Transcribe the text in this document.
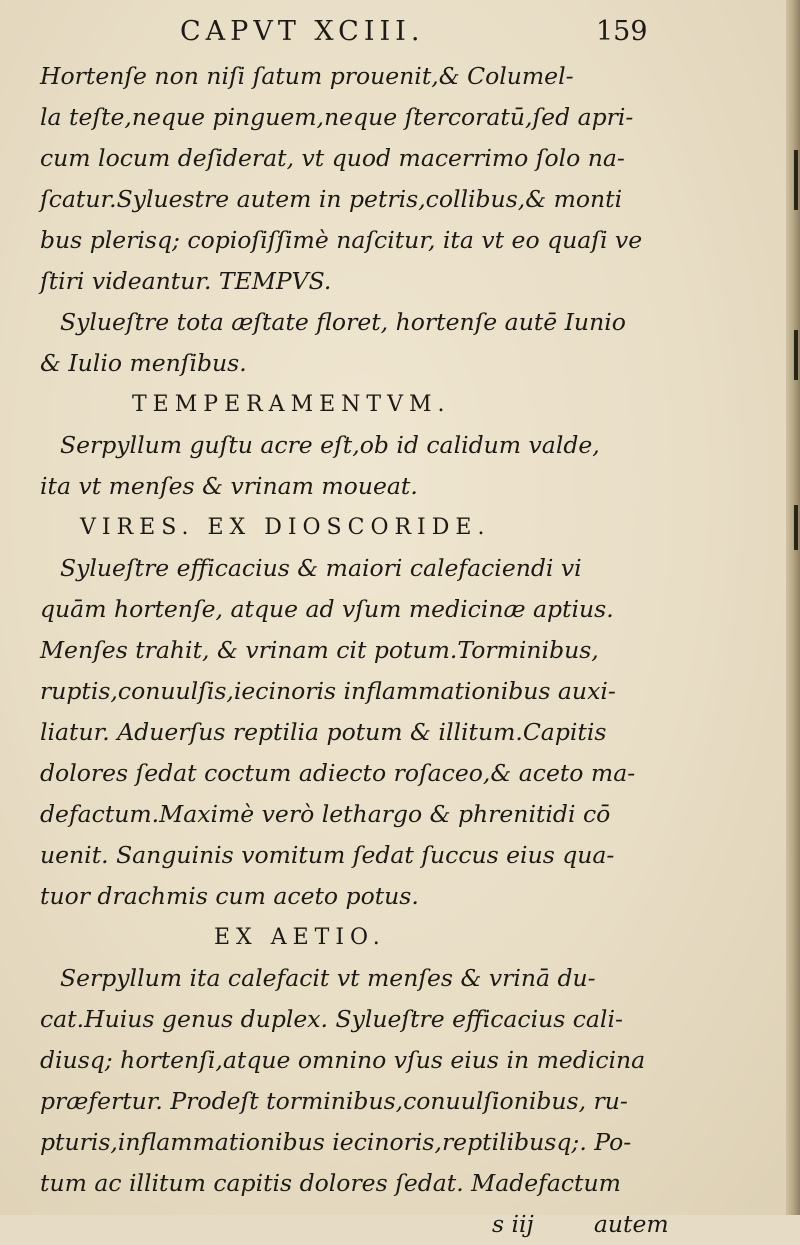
CAPVT XCIII.	159
Hortenſe non niſi ſatum prouenit,& Columel-
la teſte,neque pinguem,neque ſtercoratū,ſed apri-
cum locum deſiderat, vt quod macerrimo ſolo na-
ſcatur.Syluestre autem in petris,collibus,& monti
bus plerisq; copioſiſſimè naſcitur, ita vt eo quaſi ve
ſtiri videantur. TEMPVS.
Sylueſtre tota æſtate floret, hortenſe autē Iunio
& Iulio menſibus.
TEMPERAMENTVM.
Serpyllum guſtu acre eſt,ob id calidum valde,
ita vt menſes & vrinam moueat.
VIRES. EX DIOSCORIDE.
Sylueſtre efficacius & maiori calefaciendi vi
quām hortenſe, atque ad vſum medicinæ aptius.
Menſes trahit, & vrinam cit potum.Torminibus,
ruptis,conuulſis,iecinoris inflammationibus auxi-
liatur. Aduerſus reptilia potum & illitum.Capitis
dolores ſedat coctum adiecto roſaceo,& aceto ma-
defactum.Maximè verò lethargo & phrenitidi cō
uenit. Sanguinis vomitum ſedat ſuccus eius qua-
tuor drachmis cum aceto potus.
EX AETIO.
Serpyllum ita calefacit vt menſes & vrinā du-
cat.Huius genus duplex. Sylueſtre efficacius cali-
diusq; hortenſi,atque omnino vſus eius in medicina
præfertur. Prodeſt torminibus,conuulſionibus, ru-
pturis,inflammationibus iecinoris,reptilibusq;. Po-
tum ac illitum capitis dolores ſedat. Madefactum
s iij	autem
